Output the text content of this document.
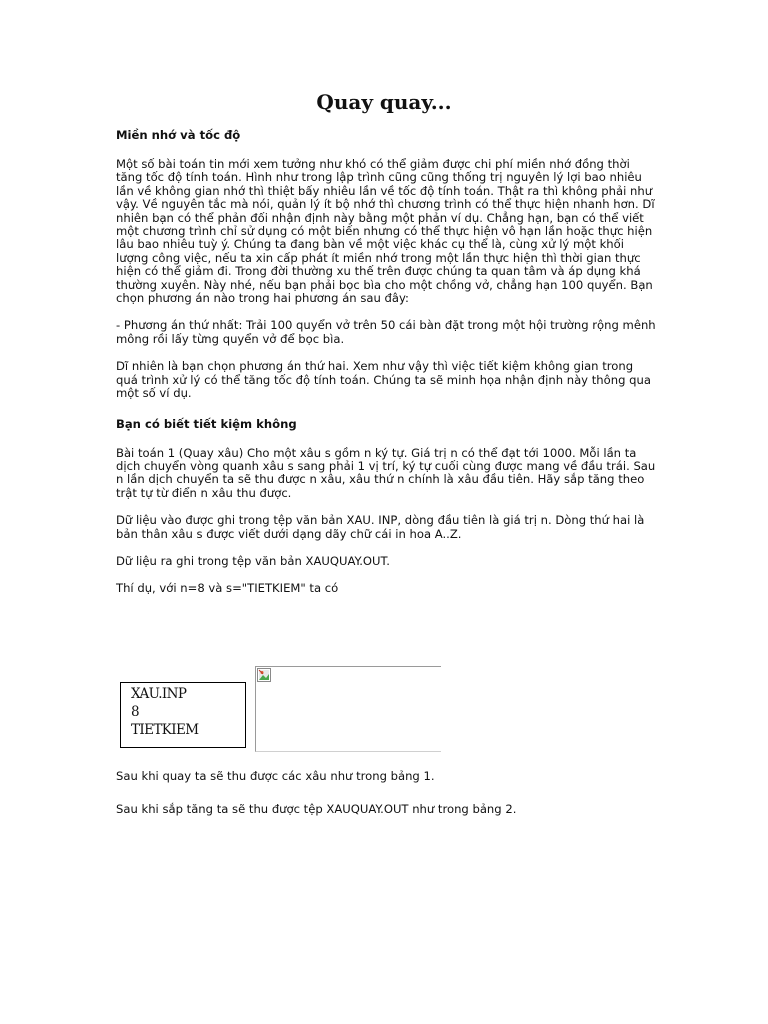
Quay quay...
Miền nhớ và tốc độ

Một số bài toán tin mới xem tưởng như khó có thể giảm được chi phí miền nhớ đồng thời tăng tốc độ tính toán. Hình như trong lập trình cũng cũng thống trị nguyên lý lợi bao nhiêu lần về không gian nhớ thì thiệt bấy nhiêu lần về tốc độ tính toán. Thật ra thì không phải như vậy. Về nguyên tắc mà nói, quản lý ít bộ nhớ thì chương trình có thể thực hiện nhanh hơn. Dĩ nhiên bạn có thể phản đối nhận định này bằng một phản ví dụ. Chẳng hạn, bạn có thể viết một chương trình chỉ sử dụng có một biến nhưng có thể thực hiện vô hạn lần hoặc thực hiện lâu bao nhiêu tuỳ ý. Chúng ta đang bàn về một việc khác cụ thể là, cùng xử lý một khối lượng công việc, nếu ta xin cấp phát ít miền nhớ trong một lần thực hiện thì thời gian thực hiện có thể giảm đi. Trong đời thường xu thế trên được chúng ta quan tâm và áp dụng khá thường xuyên. Này nhé, nếu bạn phải bọc bìa cho một chồng vở, chẳng hạn 100 quyển. Bạn chọn phương án nào trong hai phương án sau đây:

- Phương án thứ nhất: Trải 100 quyển vở trên 50 cái bàn đặt trong một hội trường rộng mênh mông rồi lấy từng quyển vở để bọc bìa.

Dĩ nhiên là bạn chọn phương án thứ hai. Xem như vậy thì việc tiết kiệm không gian trong quá trình xử lý có thể tăng tốc độ tính toán. Chúng ta sẽ minh họa nhận định này thông qua một số ví dụ.

Bạn có biết tiết kiệm không

Bài toán 1 (Quay xâu) Cho một xâu s gồm n ký tự. Giá trị n có thể đạt tới 1000. Mỗi lần ta dịch chuyển vòng quanh xâu s sang phải 1 vị trí, ký tự cuối cùng được mang về đầu trái. Sau n lần dịch chuyển ta sẽ thu được n xâu, xâu thứ n chính là xâu đầu tiên. Hãy sắp tăng theo trật tự từ điển n xâu thu được.

Dữ liệu vào được ghi trong tệp văn bản XAU. INP, dòng đầu tiên là giá trị n. Dòng thứ hai là bản thân xâu s được viết dưới dạng dãy chữ cái in hoa A..Z.

Dữ liệu ra ghi trong tệp văn bản XAUQUAY.OUT.

Thí dụ, với n=8 và s="TIETKIEM" ta có

XAU.INP
8
TIETKIEM

Sau khi quay ta sẽ thu được các xâu như trong bảng 1.

Sau khi sắp tăng ta sẽ thu được tệp XAUQUAY.OUT như trong bảng 2.
